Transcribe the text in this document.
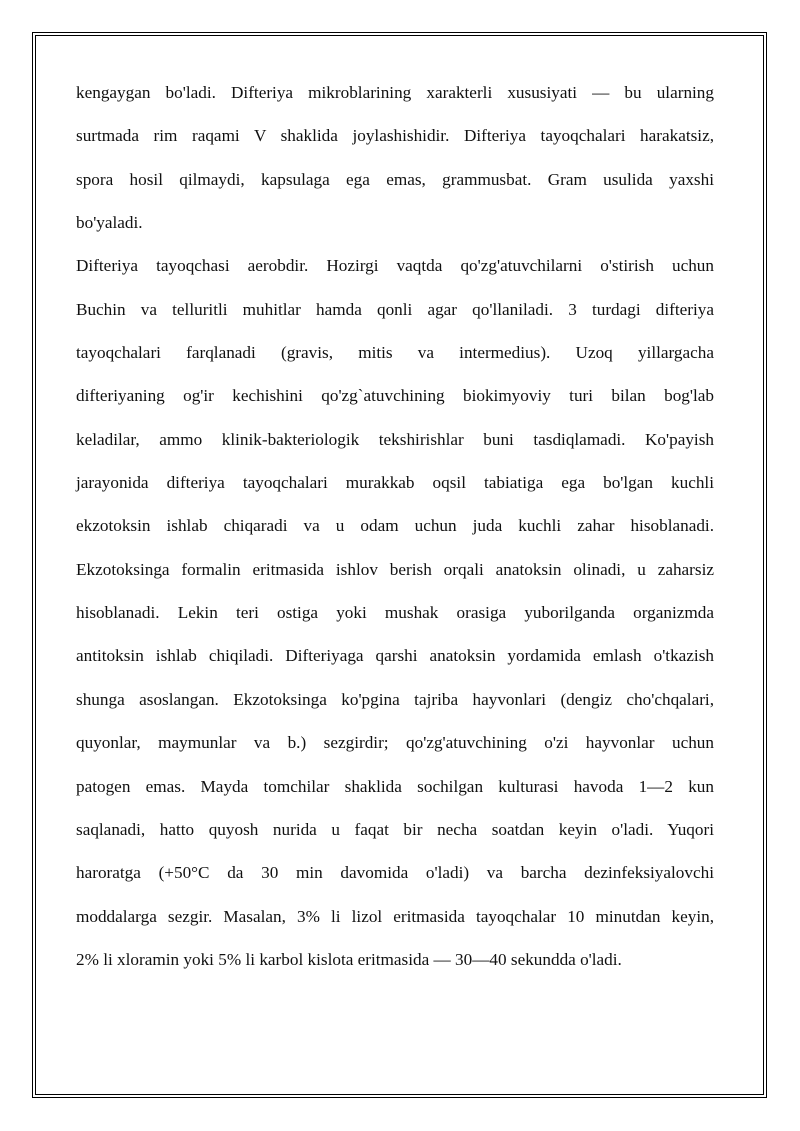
kengaygan bo'ladi. Difteriya mikroblarining xarakterli xususiyati — bu ularning
surtmada rim raqami V shaklida joylashishidir. Difteriya tayoqchalari harakatsiz,
spora hosil qilmaydi, kapsulaga ega emas, grammusbat. Gram usulida yaxshi
bo'yaladi.
Difteriya tayoqchasi aerobdir. Hozirgi vaqtda qo'zg'atuvchilarni o'stirish uchun
Buchin va telluritli muhitlar hamda qonli agar qo'llaniladi. 3 turdagi difteriya
tayoqchalari farqlanadi (gravis, mitis va intermedius). Uzoq yillargacha
difteriyaning og'ir kechishini qo'zg`atuvchining biokimyoviy turi bilan bog'lab
keladilar, ammo klinik-bakteriologik tekshirishlar buni tasdiqlamadi. Ko'payish
jarayonida difteriya tayoqchalari murakkab oqsil tabiatiga ega bo'lgan kuchli
ekzotoksin ishlab chiqaradi va u odam uchun juda kuchli zahar hisoblanadi.
Ekzotoksinga formalin eritmasida ishlov berish orqali anatoksin olinadi, u zaharsiz
hisoblanadi. Lekin teri ostiga yoki mushak orasiga yuborilganda organizmda
antitoksin ishlab chiqiladi. Difteriyaga qarshi anatoksin yordamida emlash o'tkazish
shunga asoslangan. Ekzotoksinga ko'pgina tajriba hayvonlari (dengiz cho'chqalari,
quyonlar, maymunlar va b.) sezgirdir; qo'zg'atuvchining o'zi hayvonlar uchun
patogen emas. Mayda tomchilar shaklida sochilgan kulturasi havoda 1—2 kun
saqlanadi, hatto quyosh nurida u faqat bir necha soatdan keyin o'ladi. Yuqori
haroratga (+50°C da 30 min davomida o'ladi) va barcha dezinfeksiyalovchi
moddalarga sezgir. Masalan, 3% li lizol eritmasida tayoqchalar 10 minutdan keyin,
2% li xloramin yoki 5% li karbol kislota eritmasida — 30—40 sekundda o'ladi.
